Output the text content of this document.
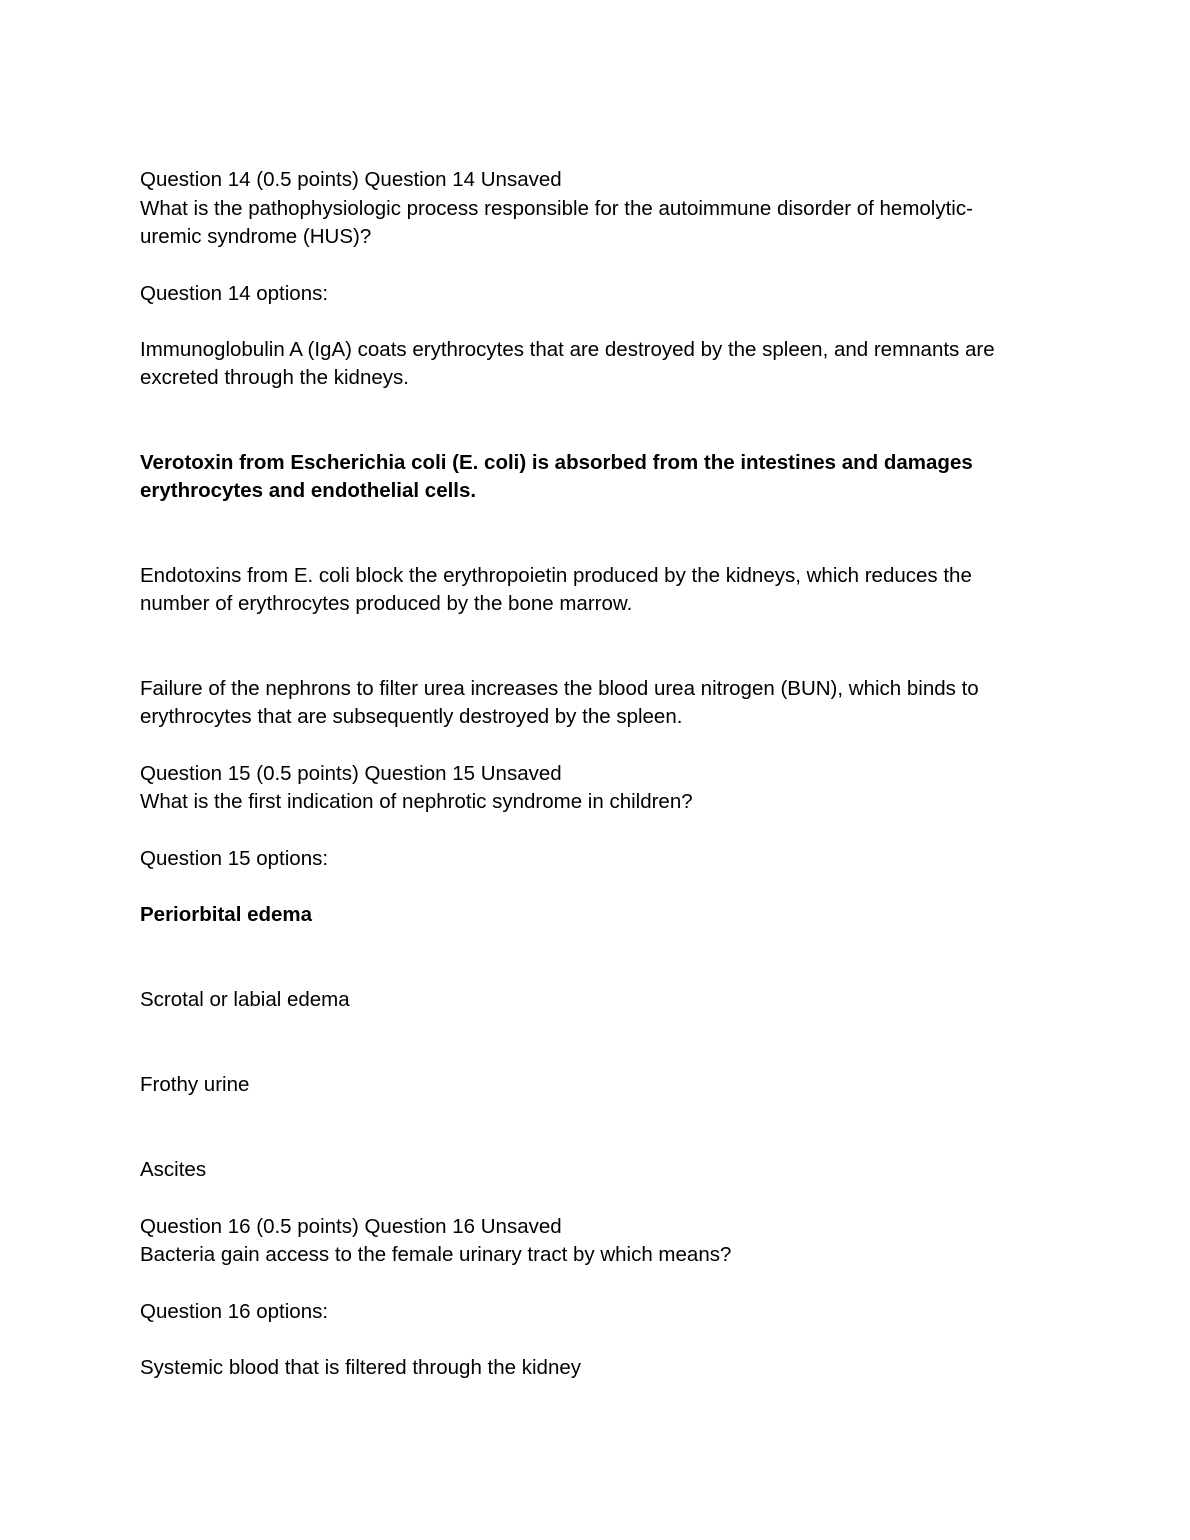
Question 14 (0.5 points) Question 14 Unsaved
What is the pathophysiologic process responsible for the autoimmune disorder of hemolytic-
uremic syndrome (HUS)?
Question 14 options:
Immunoglobulin A (IgA) coats erythrocytes that are destroyed by the spleen, and remnants are
excreted through the kidneys.
Verotoxin from Escherichia coli (E. coli) is absorbed from the intestines and damages
erythrocytes and endothelial cells.
Endotoxins from E. coli block the erythropoietin produced by the kidneys, which reduces the
number of erythrocytes produced by the bone marrow.
Failure of the nephrons to filter urea increases the blood urea nitrogen (BUN), which binds to
erythrocytes that are subsequently destroyed by the spleen.
Question 15 (0.5 points) Question 15 Unsaved
What is the first indication of nephrotic syndrome in children?
Question 15 options:
Periorbital edema
Scrotal or labial edema
Frothy urine
Ascites
Question 16 (0.5 points) Question 16 Unsaved
Bacteria gain access to the female urinary tract by which means?
Question 16 options:
Systemic blood that is filtered through the kidney
